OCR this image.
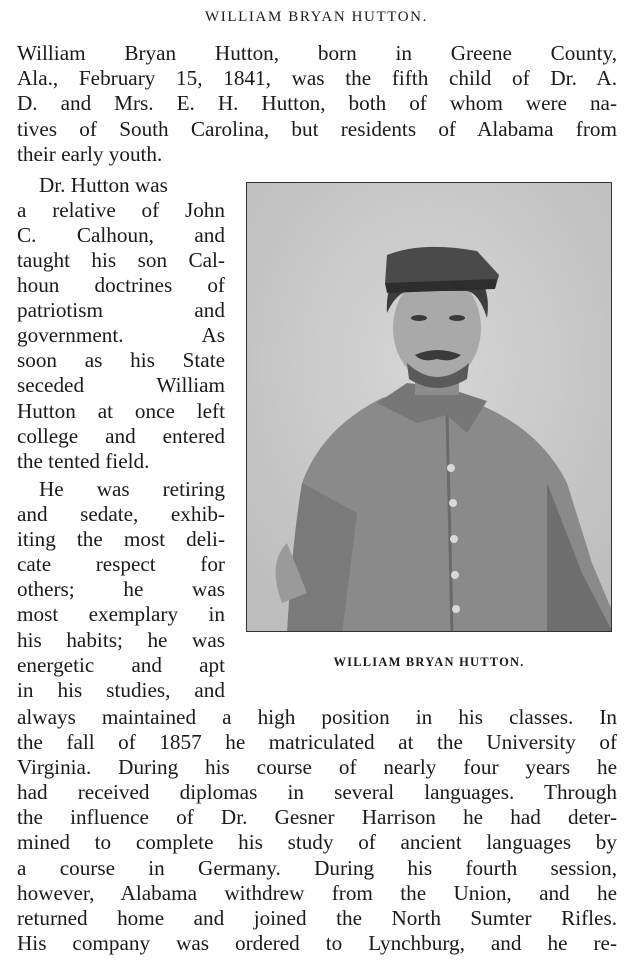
WILLIAM BRYAN HUTTON.
William Bryan Hutton, born in Greene County,
Ala., February 15, 1841, was the fifth child of Dr. A.
D. and Mrs. E. H. Hutton, both of whom were na-
tives of South Carolina, but residents of Alabama from
their early youth.
Dr. Hutton was
a relative of John
C. Calhoun, and
taught his son Cal-
houn doctrines of
patriotism and
government. As
soon as his State
seceded William
Hutton at once left
college and entered
the tented field.
He was retiring
and sedate, exhib-
iting the most deli-
cate respect for
others; he was
most exemplary in
his habits; he was
energetic and apt
in his studies, and
WILLIAM BRYAN HUTTON.
always maintained a high position in his classes. In
the fall of 1857 he matriculated at the University of
Virginia. During his course of nearly four years he
had received diplomas in several languages. Through
the influence of Dr. Gesner Harrison he had deter-
mined to complete his study of ancient languages by
a course in Germany. During his fourth session,
however, Alabama withdrew from the Union, and he
returned home and joined the North Sumter Rifles.
His company was ordered to Lynchburg, and he re-
